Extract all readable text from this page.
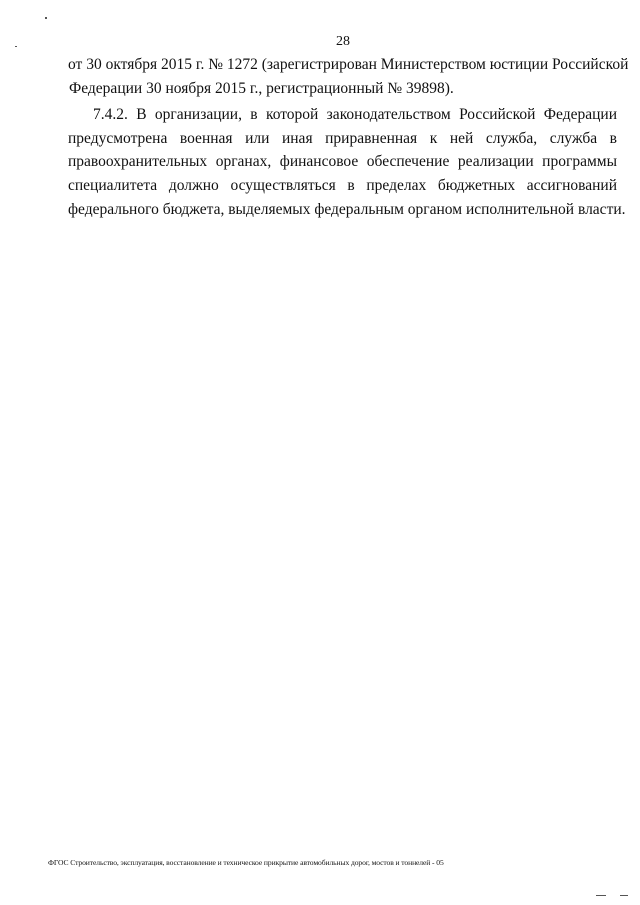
28
от 30 октября 2015 г. № 1272 (зарегистрирован Министерством юстиции Российской
Федерации 30 ноября 2015 г., регистрационный № 39898).
7.4.2. В организации, в которой законодательством Российской Федерации
предусмотрена военная или иная приравненная к ней служба, служба в
правоохранительных органах, финансовое обеспечение реализации программы
специалитета должно осуществляться в пределах бюджетных ассигнований
федерального бюджета, выделяемых федеральным органом исполнительной власти.
ФГОС Строительство, эксплуатация, восстановление и техническое прикрытие автомобильных дорог, мостов и тоннелей - 05
